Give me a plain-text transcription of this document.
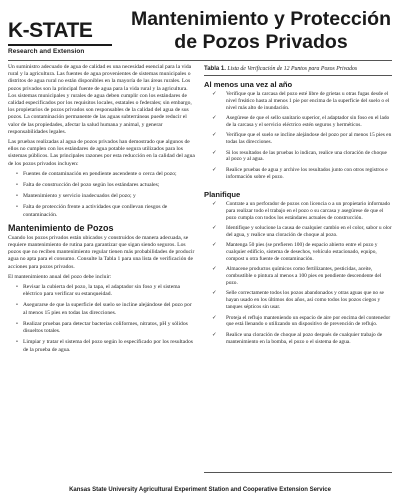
K-STATE
Research and Extension
Mantenimiento y Protección
de Pozos Privados

Un suministro adecuado de agua de calidad es una necesidad esencial para la vida rural y la agricultura. Las fuentes de agua provenientes de sistemas municipales o distritos de agua rural no están disponibles en la mayoría de las áreas rurales. Los pozos privados son la principal fuente de agua para la vida rural y la agricultura. Los sistemas municipales y rurales de agua deben cumplir con los estándares de calidad especificados por los requisitos locales, estatales o federales; sin embargo, los propietarios de pozos privados son responsables de la calidad del agua de sus pozos. La contaminación permanente de las aguas subterráneas puede reducir el valor de las propiedades, afectar la salud humana y animal, y generar responsabilidades legales.

Las pruebas realizadas al agua de pozos privados han demostrado que algunos de ellos no cumplen con los estándares de agua potable segura utilizados para los sistemas públicos. Las principales razones por esta reducción en la calidad del agua de los pozos privados incluyen:

• Fuentes de contaminación en pendiente ascendente o cerca del pozo;
• Falta de construcción del pozo según los estándares actuales;
• Mantenimiento y servicio inadecuados del pozo; y
• Falta de protección frente a actividades que conllevan riesgos de contaminación.
Mantenimiento de Pozos

Cuando los pozos privados están ubicados y construidos de manera adecuada, se requiere mantenimiento de rutina para garantizar que sigan siendo seguros. Los pozos que no reciben mantenimiento regular tienen más probabilidades de producir agua no apta para el consumo. Consulte la Tabla 1 para una lista de verificación de acciones para pozos privados.

El mantenimiento anual del pozo debe incluir:

• Revisar la cubierta del pozo, la tapa, el adaptador sin foso y el sistema eléctrico para verificar su estanqueidad.
• Asegurarse de que la superficie del suelo se incline alejándose del pozo por al menos 15 pies en todas las direcciones.
• Realizar pruebas para detectar bacterias coliformes, nitratos, pH y sólidos disueltos totales.
• Limpiar y tratar el sistema del pozo según lo especificado por los resultados de la prueba de agua.
Tabla 1. Lista de Verificación de 12 Puntos para Pozos Privados
Al menos una vez al año
✓ Verifique que la carcasa del pozo esté libre de grietas u otras fugas desde el nivel freático hasta al menos 1 pie por encima de la superficie del suelo o el nivel más alto de inundación.
✓ Asegúrese de que el sello sanitario superior, el adaptador sin foso en el lado de la carcasa y el servicio eléctrico estén seguros y herméticos.
✓ Verifique que el suelo se incline alejándose del pozo por al menos 15 pies en todas las direcciones.
✓ Si los resultados de las pruebas lo indican, realice una cloración de choque al pozo y al agua.
✓ Realice pruebas de agua y archive los resultados junto con otros registros e información sobre el pozo.
Planifique
✓ Contrate a un perforador de pozos con licencia o a un propietario informado para realizar todo el trabajo en el pozo o su carcasa y asegúrese de que el pozo cumpla con todos los estándares actuales de construcción.
✓ Identifique y solucione la causa de cualquier cambio en el color, sabor u olor del agua, y realice una cloración de choque al pozo.
✓ Mantenga 50 pies (se prefieren 100) de espacio abierto entre el pozo y cualquier edificio, sistema de desechos, vehículo estacionado, equipo, compost u otra fuente de contaminación.
✓ Almacene productos químicos como fertilizantes, pesticidas, aceite, combustible o pintura al menos a 100 pies en pendiente descendente del pozo.
✓ Selle correctamente todos los pozos abandonados y otras aguas que no se hayan usado en los últimos dos años, así como todos los pozos ciegos y tanques sépticos sin usar.
✓ Proteja el reflujo manteniendo un espacio de aire por encima del contenedor que está llenando o utilizando un dispositivo de prevención de reflujo.
✓ Realice una cloración de choque al pozo después de cualquier trabajo de mantenimiento en la bomba, el pozo o el sistema de agua.
Kansas State University Agricultural Experiment Station and Cooperative Extension Service
